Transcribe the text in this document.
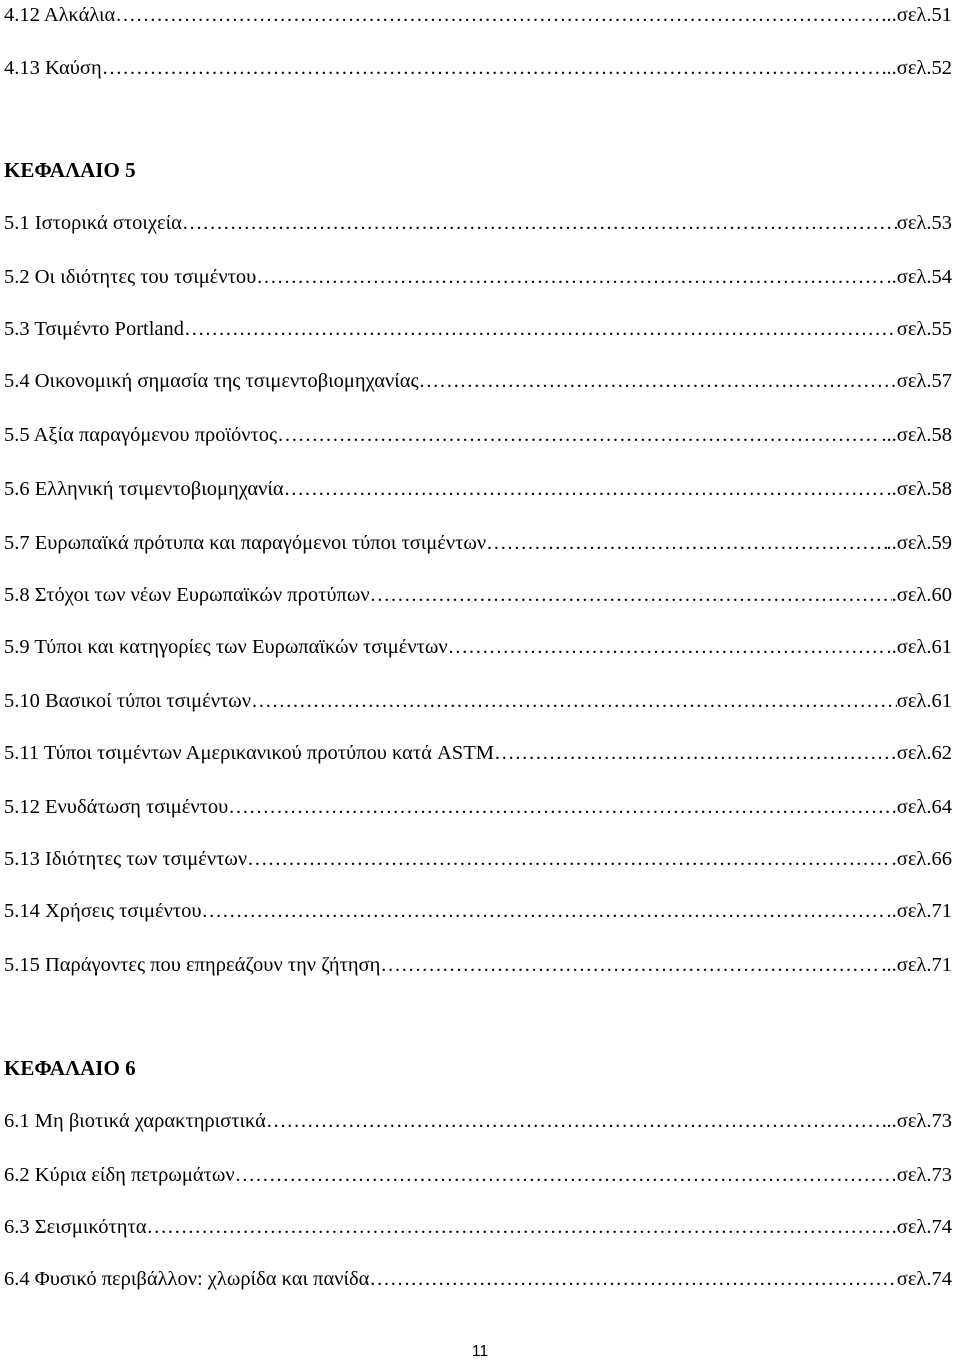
4.12 Αλκάλια ………………………………………………………………………………………………………………………………………………………………………………………………	...σελ.51
4.13 Καύση ………………………………………………………………………………………………………………………………………………………………………………………………	..σελ.52
ΚΕΦΑΛΑΙΟ 5
5.1 Ιστορικά στοιχεία ………………………………………………………………………………………………………………………………………………………………………………………………	σελ.53
5.2 Οι ιδιότητες του τσιμέντου ………………………………………………………………………………………………………………………………………………………………………………………………	..σελ.54
5.3 Τσιμέντο Portland ………………………………………………………………………………………………………………………………………………………………………………………………	σελ.55
5.4 Οικονομική σημασία της τσιμεντοβιομηχανίας ………………………………………………………………………………………………………………………………………………………………………………………………	σελ.57
5.5 Αξία παραγόμενου προϊόντος ………………………………………………………………………………………………………………………………………………………………………………………………	...σελ.58
5.6 Ελληνική τσιμεντοβιομηχανία ………………………………………………………………………………………………………………………………………………………………………………………………	..σελ.58
5.7 Ευρωπαϊκά πρότυπα και παραγόμενοι τύποι τσιμέντων ………………………………………………………………………………………………………………………………………………………………………………………………	..σελ.59
5.8 Στόχοι των νέων Ευρωπαϊκών προτύπων ………………………………………………………………………………………………………………………………………………………………………………………………	.σελ.60
5.9 Τύποι και κατηγορίες των Ευρωπαϊκών τσιμέντων ………………………………………………………………………………………………………………………………………………………………………………………………	..σελ.61
5.10 Βασικοί τύποι τσιμέντων ………………………………………………………………………………………………………………………………………………………………………………………………	σελ.61
5.11 Τύποι τσιμέντων Αμερικανικού προτύπου κατά ASTM ………………………………………………………………………………………………………………………………………………………………………………………………	σελ.62
5.12 Ενυδάτωση τσιμέντου ………………………………………………………………………………………………………………………………………………………………………………………………	.σελ.64
5.13 Ιδιότητες των τσιμέντων ………………………………………………………………………………………………………………………………………………………………………………………………	.σελ.66
5.14 Χρήσεις τσιμέντου ………………………………………………………………………………………………………………………………………………………………………………………………	..σελ.71
5.15 Παράγοντες που επηρεάζουν την ζήτηση ………………………………………………………………………………………………………………………………………………………………………………………………	...σελ.71
ΚΕΦΑΛΑΙΟ 6
6.1 Μη βιοτικά χαρακτηριστικά ………………………………………………………………………………………………………………………………………………………………………………………………	..σελ.73
6.2 Κύρια είδη πετρωμάτων ………………………………………………………………………………………………………………………………………………………………………………………………	σελ.73
6.3 Σεισμικότητα ………………………………………………………………………………………………………………………………………………………………………………………………	.σελ.74
6.4 Φυσικό περιβάλλον: χλωρίδα και πανίδα ………………………………………………………………………………………………………………………………………………………………………………………………	σελ.74
11
